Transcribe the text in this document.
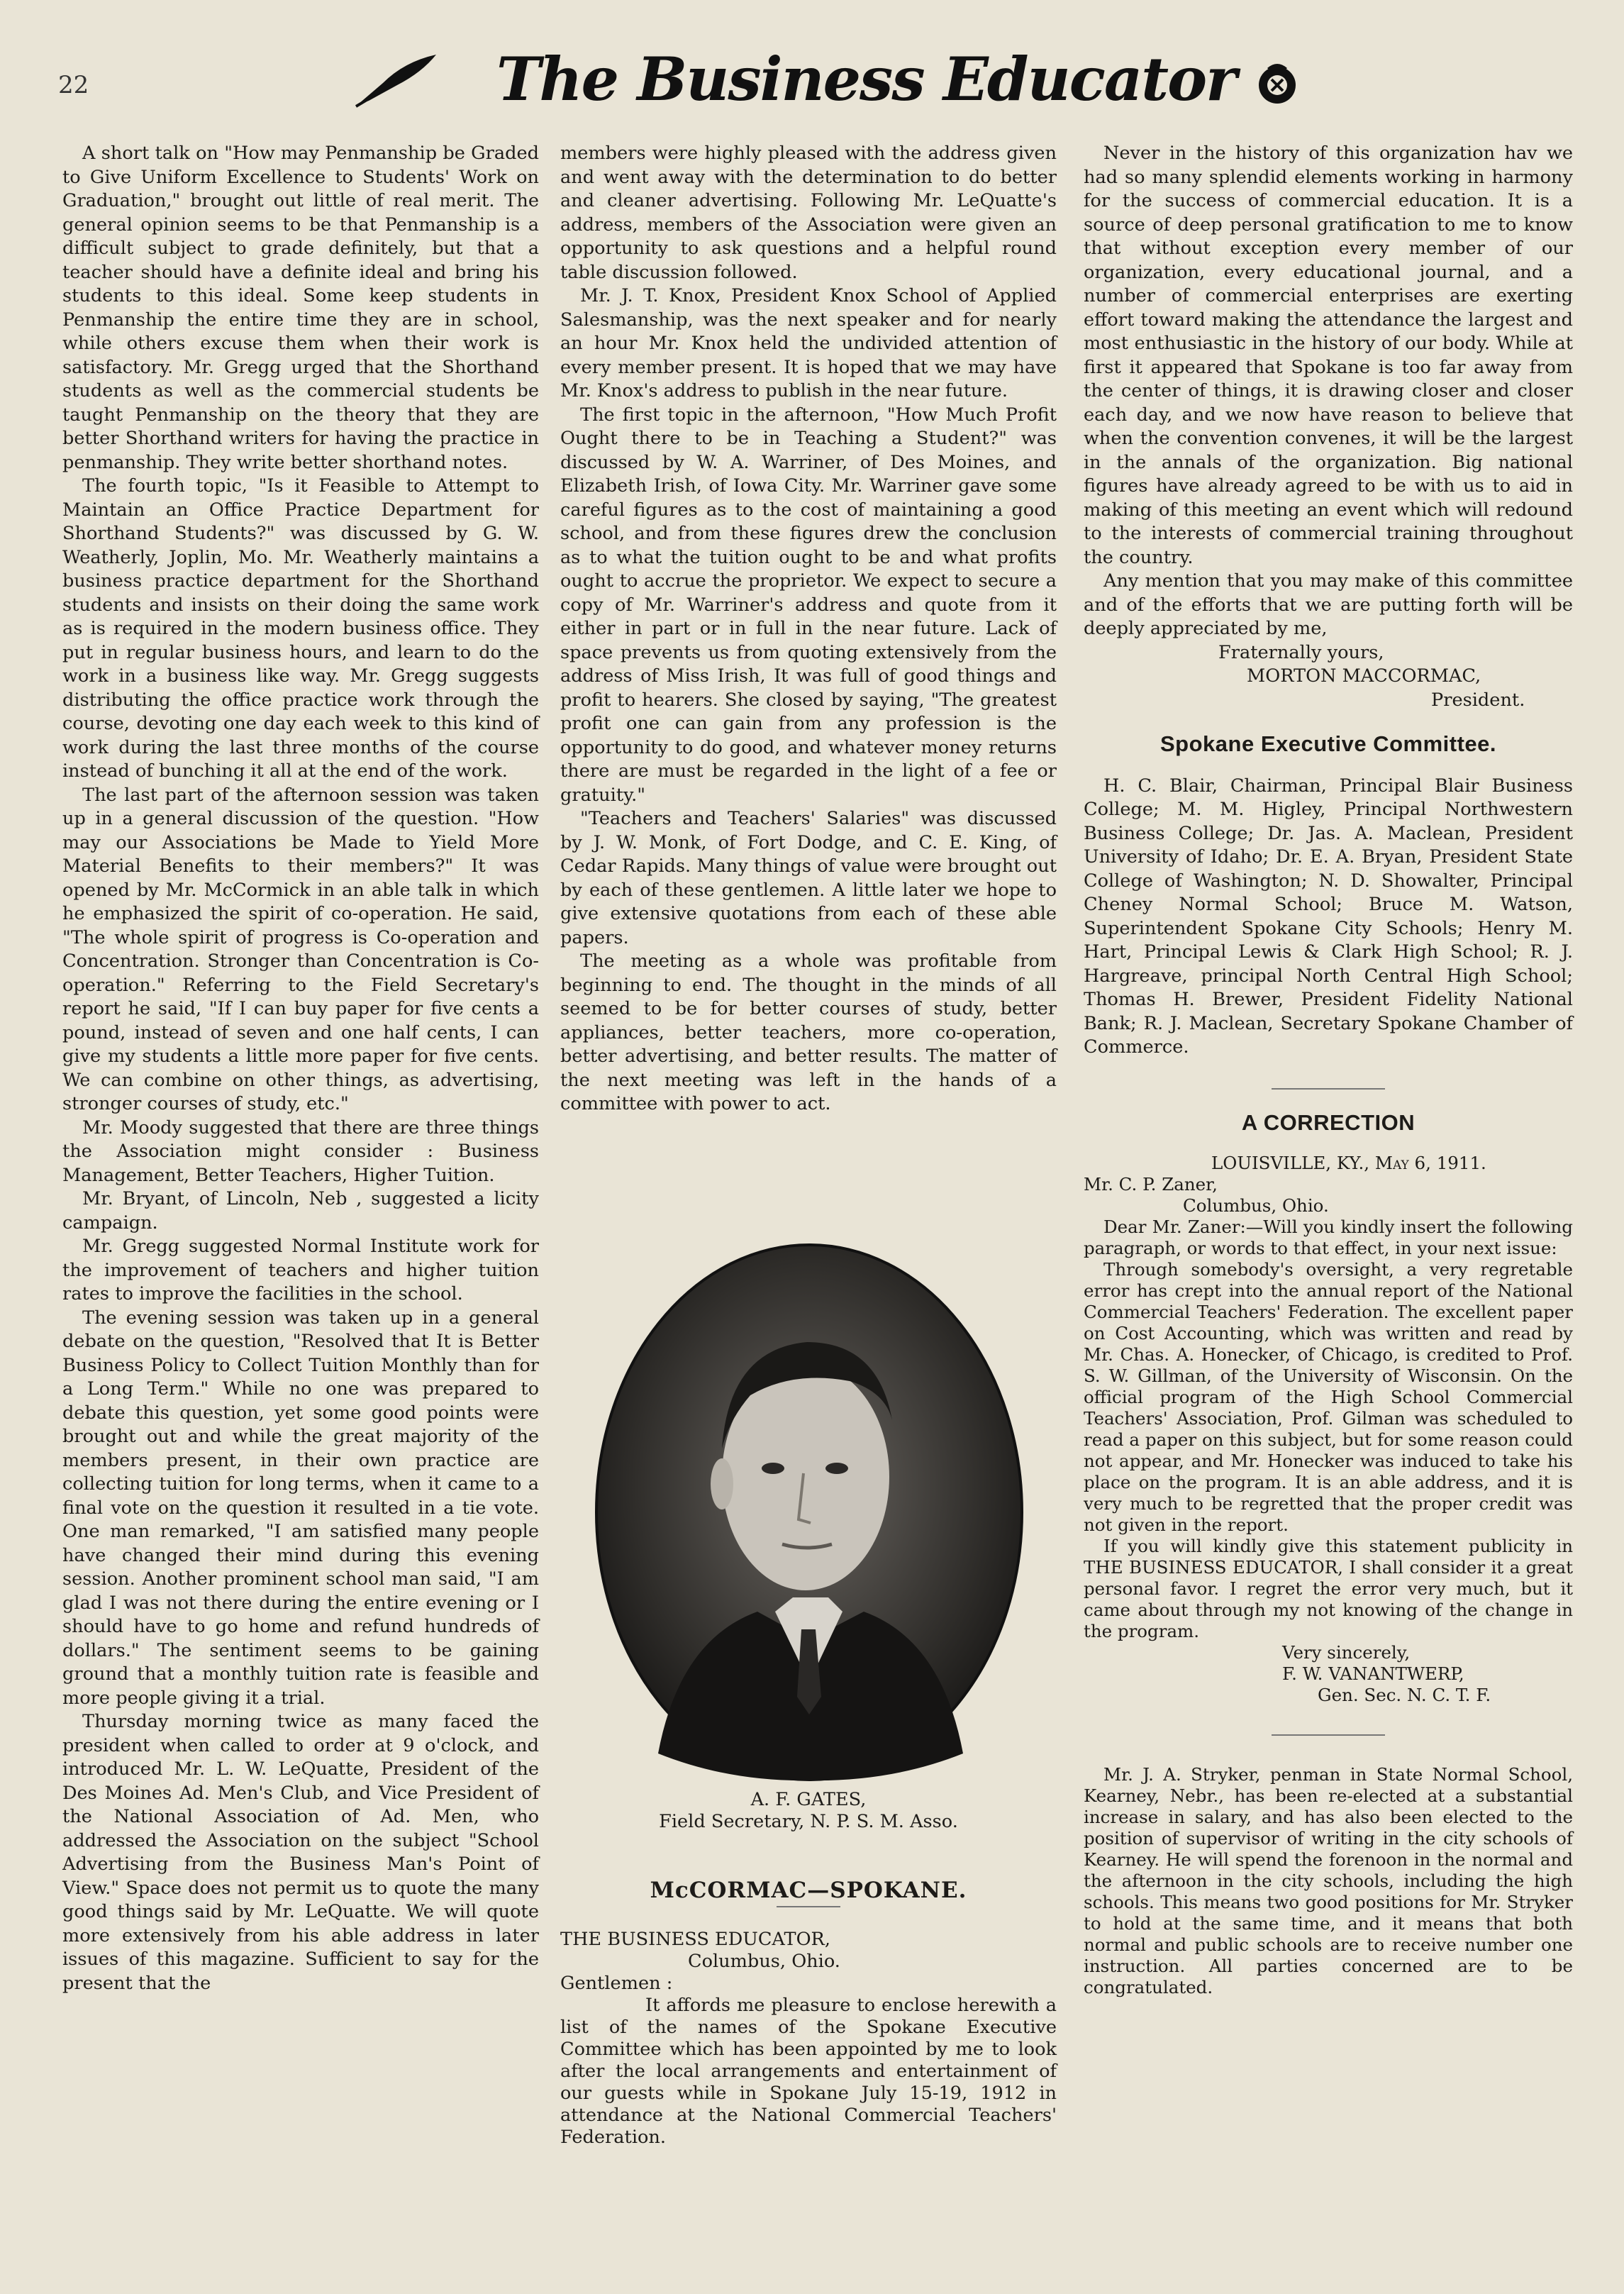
22	The Business Educator

A short talk on "How may Penmanship be Graded to Give Uniform Excellence to Students' Work on Graduation," brought out little of real merit. The general opinion seems to be that Penmanship is a difficult subject to grade definitely, but that a teacher should have a definite ideal and bring his students to this ideal. Some keep students in Penmanship the entire time they are in school, while others excuse them when their work is satisfactory. Mr. Gregg urged that the Shorthand students as well as the commercial students be taught Penmanship on the theory that they are better Shorthand writers for having the practice in penmanship. They write better shorthand notes.

The fourth topic, "Is it Feasible to Attempt to Maintain an Office Practice Department for Shorthand Students?" was discussed by G. W. Weatherly, Joplin, Mo. Mr. Weatherly maintains a business practice department for the Shorthand students and insists on their doing the same work as is required in the modern business office. They put in regular business hours, and learn to do the work in a business like way. Mr. Gregg suggests distributing the office practice work through the course, devoting one day each week to this kind of work during the last three months of the course instead of bunching it all at the end of the work.

The last part of the afternoon session was taken up in a general discussion of the question. "How may our Associations be Made to Yield More Material Benefits to their members?" It was opened by Mr. McCormick in an able talk in which he emphasized the spirit of co-operation. He said, "The whole spirit of progress is Co-operation and Concentration. Stronger than Concentration is Co-operation." Referring to the Field Secretary's report he said, "If I can buy paper for five cents a pound, instead of seven and one half cents, I can give my students a little more paper for five cents. We can combine on other things, as advertising, stronger courses of study, etc."

Mr. Moody suggested that there are three things the Association might consider : Business Management, Better Teachers, Higher Tuition.

Mr. Bryant, of Lincoln, Neb , suggested a licity campaign.

Mr. Gregg suggested Normal Institute work for the improvement of teachers and higher tuition rates to improve the facilities in the school.

The evening session was taken up in a general debate on the question, "Resolved that It is Better Business Policy to Collect Tuition Monthly than for a Long Term." While no one was prepared to debate this question, yet some good points were brought out and while the great majority of the members present, in their own practice are collecting tuition for long terms, when it came to a final vote on the question it resulted in a tie vote. One man remarked, "I am satisfied many people have changed their mind during this evening session. Another prominent school man said, "I am glad I was not there during the entire evening or I should have to go home and refund hundreds of dollars." The sentiment seems to be gaining ground that a monthly tuition rate is feasible and more people giving it a trial.

Thursday morning twice as many faced the president when called to order at 9 o'clock, and introduced Mr. L. W. LeQuatte, President of the Des Moines Ad. Men's Club, and Vice President of the National Association of Ad. Men, who addressed the Association on the subject "School Advertising from the Business Man's Point of View." Space does not permit us to quote the many good things said by Mr. LeQuatte. We will quote more extensively from his able address in later issues of this magazine. Sufficient to say for the present that the

members were highly pleased with the address given and went away with the determination to do better and cleaner advertising. Following Mr. LeQuatte's address, members of the Association were given an opportunity to ask questions and a helpful round table discussion followed.

Mr. J. T. Knox, President Knox School of Applied Salesmanship, was the next speaker and for nearly an hour Mr. Knox held the undivided attention of every member present. It is hoped that we may have Mr. Knox's address to publish in the near future.

The first topic in the afternoon, "How Much Profit Ought there to be in Teaching a Student?" was discussed by W. A. Warriner, of Des Moines, and Elizabeth Irish, of Iowa City. Mr. Warriner gave some careful figures as to the cost of maintaining a good school, and from these figures drew the conclusion as to what the tuition ought to be and what profits ought to accrue the proprietor. We expect to secure a copy of Mr. Warriner's address and quote from it either in part or in full in the near future. Lack of space prevents us from quoting extensively from the address of Miss Irish, It was full of good things and profit to hearers. She closed by saying, "The greatest profit one can gain from any profession is the opportunity to do good, and whatever money returns there are must be regarded in the light of a fee or gratuity."

"Teachers and Teachers' Salaries" was discussed by J. W. Monk, of Fort Dodge, and C. E. King, of Cedar Rapids. Many things of value were brought out by each of these gentlemen. A little later we hope to give extensive quotations from each of these able papers.

The meeting as a whole was profitable from beginning to end. The thought in the minds of all seemed to be for better courses of study, better appliances, better teachers, more co-operation, better advertising, and better results. The matter of the next meeting was left in the hands of a committee with power to act.

A. F. GATES,
Field Secretary, N. P. S. M. Asso.
McCORMAC—SPOKANE.

THE BUSINESS EDUCATOR,

Columbus, Ohio.

Gentlemen :

It affords me pleasure to enclose herewith a list of the names of the Spokane Executive Committee which has been appointed by me to look after the local arrangements and entertainment of our guests while in Spokane July 15-19, 1912 in attendance at the National Commercial Teachers' Federation.

Never in the history of this organization hav we had so many splendid elements working in harmony for the success of commercial education. It is a source of deep personal gratification to me to know that without exception every member of our organization, every educational journal, and a number of commercial enterprises are exerting effort toward making the attendance the largest and most enthusiastic in the history of our body. While at first it appeared that Spokane is too far away from the center of things, it is drawing closer and closer each day, and we now have reason to believe that when the convention convenes, it will be the largest in the annals of the organization. Big national figures have already agreed to be with us to aid in making of this meeting an event which will redound to the interests of commercial training throughout the country.

Any mention that you may make of this committee and of the efforts that we are putting forth will be deeply appreciated by me,

Fraternally yours,

MORTON MACCORMAC,

President.

Spokane Executive Committee.

H. C. Blair, Chairman, Principal Blair Business College; M. M. Higley, Principal Northwestern Business College; Dr. Jas. A. Maclean, President University of Idaho; Dr. E. A. Bryan, President State College of Washington; N. D. Showalter, Principal Cheney Normal School; Bruce M. Watson, Superintendent Spokane City Schools; Henry M. Hart, Principal Lewis & Clark High School; R. J. Hargreave, principal North Central High School; Thomas H. Brewer, President Fidelity National Bank; R. J. Maclean, Secretary Spokane Chamber of Commerce.

A CORRECTION

LOUISVILLE, KY., May 6, 1911.

Mr. C. P. Zaner,

Columbus, Ohio.

Dear Mr. Zaner:—Will you kindly insert the following paragraph, or words to that effect, in your next issue:

Through somebody's oversight, a very regretable error has crept into the annual report of the National Commercial Teachers' Federation. The excellent paper on Cost Accounting, which was written and read by Mr. Chas. A. Honecker, of Chicago, is credited to Prof. S. W. Gillman, of the University of Wisconsin. On the official program of the High School Commercial Teachers' Association, Prof. Gilman was scheduled to read a paper on this subject, but for some reason could not appear, and Mr. Honecker was induced to take his place on the program. It is an able address, and it is very much to be regretted that the proper credit was not given in the report.

If you will kindly give this statement publicity in THE BUSINESS EDUCATOR, I shall consider it a great personal favor. I regret the error very much, but it came about through my not knowing of the change in the program.

Very sincerely,

F. W. VANANTWERP,

Gen. Sec. N. C. T. F.

Mr. J. A. Stryker, penman in State Normal School, Kearney, Nebr., has been re-elected at a substantial increase in salary, and has also been elected to the position of supervisor of writing in the city schools of Kearney. He will spend the forenoon in the normal and the afternoon in the city schools, including the high schools. This means two good positions for Mr. Stryker to hold at the same time, and it means that both normal and public schools are to receive number one instruction. All parties concerned are to be congratulated.
